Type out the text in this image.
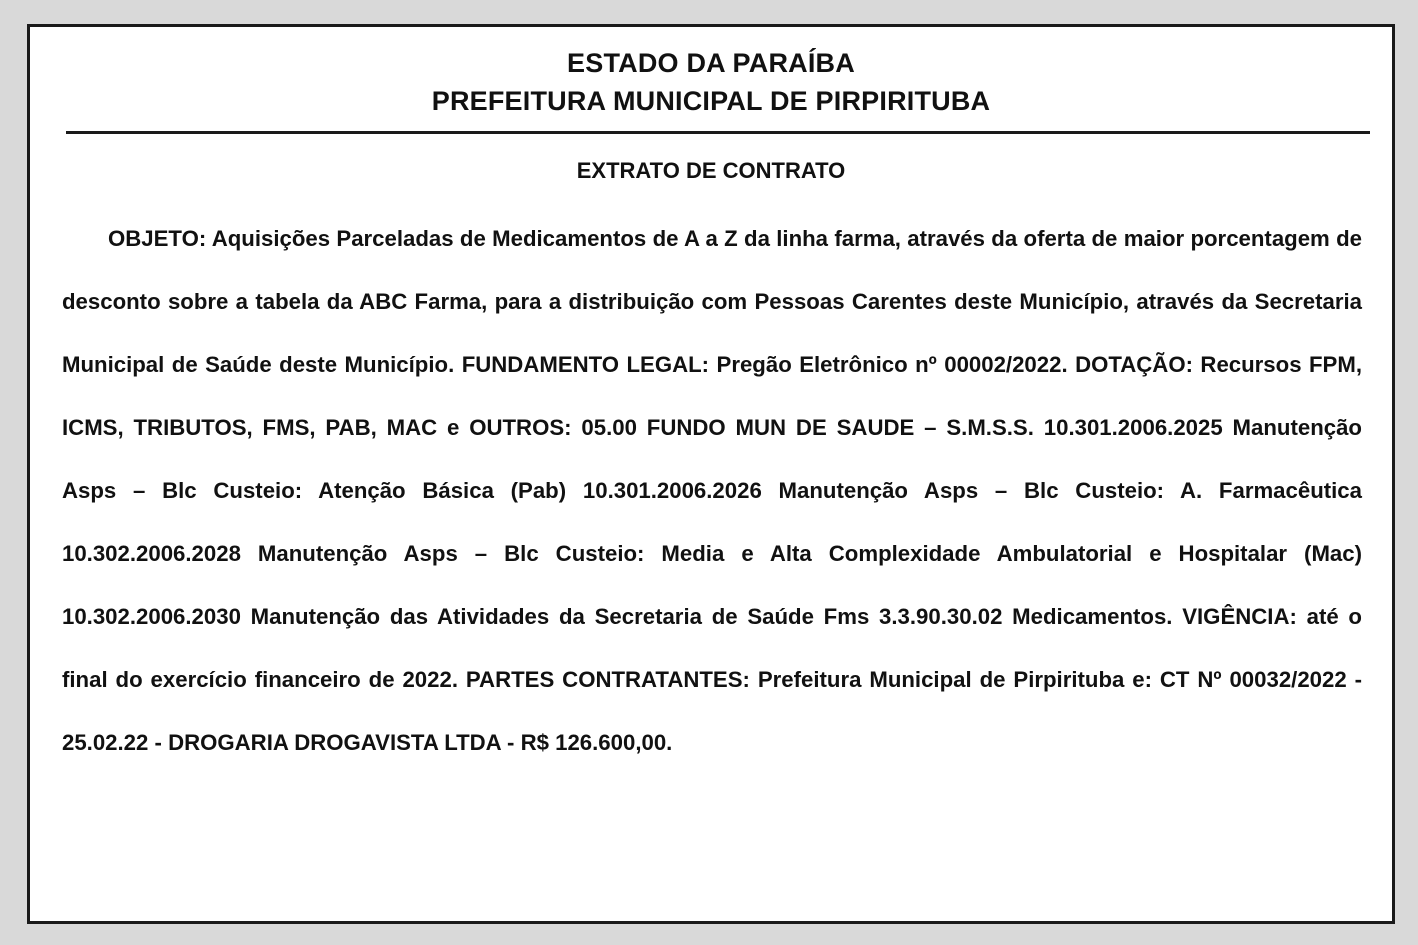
ESTADO DA PARAÍBA
PREFEITURA MUNICIPAL DE PIRPIRITUBA
EXTRATO DE CONTRATO

OBJETO: Aquisições Parceladas de Medicamentos de A a Z da linha farma, através da oferta de maior porcentagem de desconto sobre a tabela da ABC Farma, para a distribuição com Pessoas Carentes deste Município, através da Secretaria Municipal de Saúde deste Município. FUNDAMENTO LEGAL: Pregão Eletrônico nº 00002/2022. DOTAÇÃO: Recursos FPM, ICMS, TRIBUTOS, FMS, PAB, MAC e OUTROS: 05.00 FUNDO MUN DE SAUDE – S.M.S.S. 10.301.2006.2025 Manutenção Asps – Blc Custeio: Atenção Básica (Pab) 10.301.2006.2026 Manutenção Asps – Blc Custeio: A. Farmacêutica 10.302.2006.2028 Manutenção Asps – Blc Custeio: Media e Alta Complexidade Ambulatorial e Hospitalar (Mac) 10.302.2006.2030 Manutenção das Atividades da Secretaria de Saúde Fms 3.3.90.30.02 Medicamentos. VIGÊNCIA: até o final do exercício financeiro de 2022. PARTES CONTRATANTES: Prefeitura Municipal de Pirpirituba e: CT Nº 00032/2022 - 25.02.22 - DROGARIA DROGAVISTA LTDA - R$ 126.600,00.
